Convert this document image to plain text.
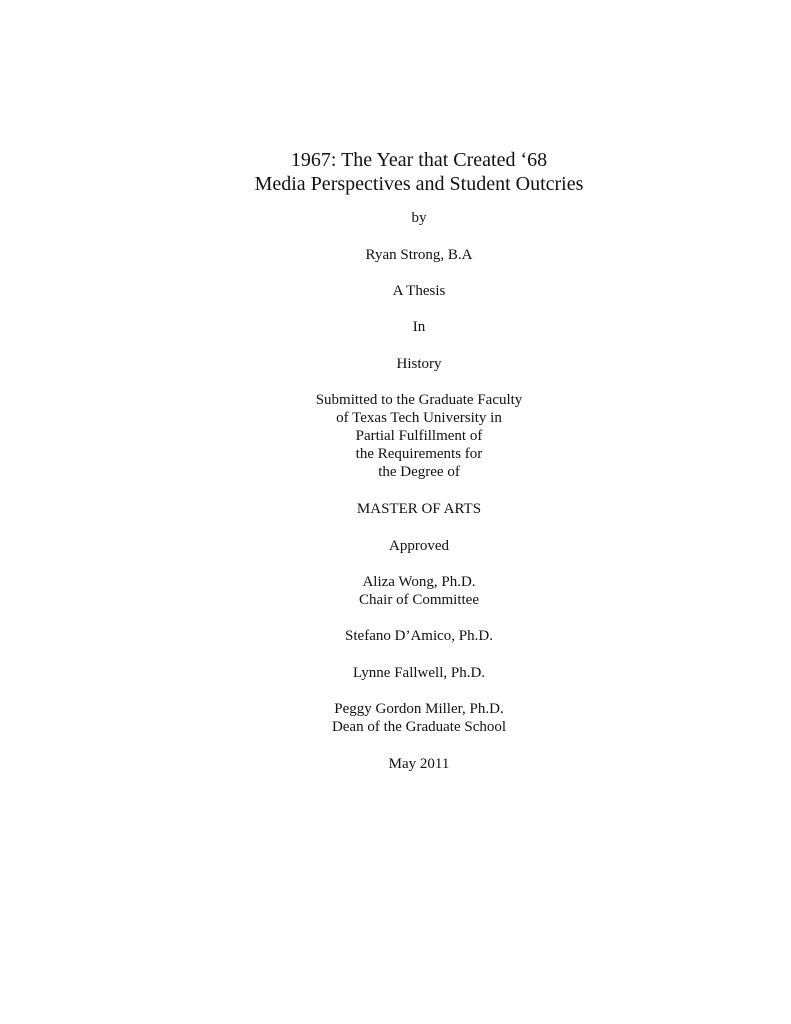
1967: The Year that Created ‘68
Media Perspectives and Student Outcries
by
Ryan Strong, B.A
A Thesis
In
History
Submitted to the Graduate Faculty
of Texas Tech University in
Partial Fulfillment of
the Requirements for
the Degree of
MASTER OF ARTS
Approved
Aliza Wong, Ph.D.
Chair of Committee
Stefano D’Amico, Ph.D.
Lynne Fallwell, Ph.D.
Peggy Gordon Miller, Ph.D.
Dean of the Graduate School
May 2011
